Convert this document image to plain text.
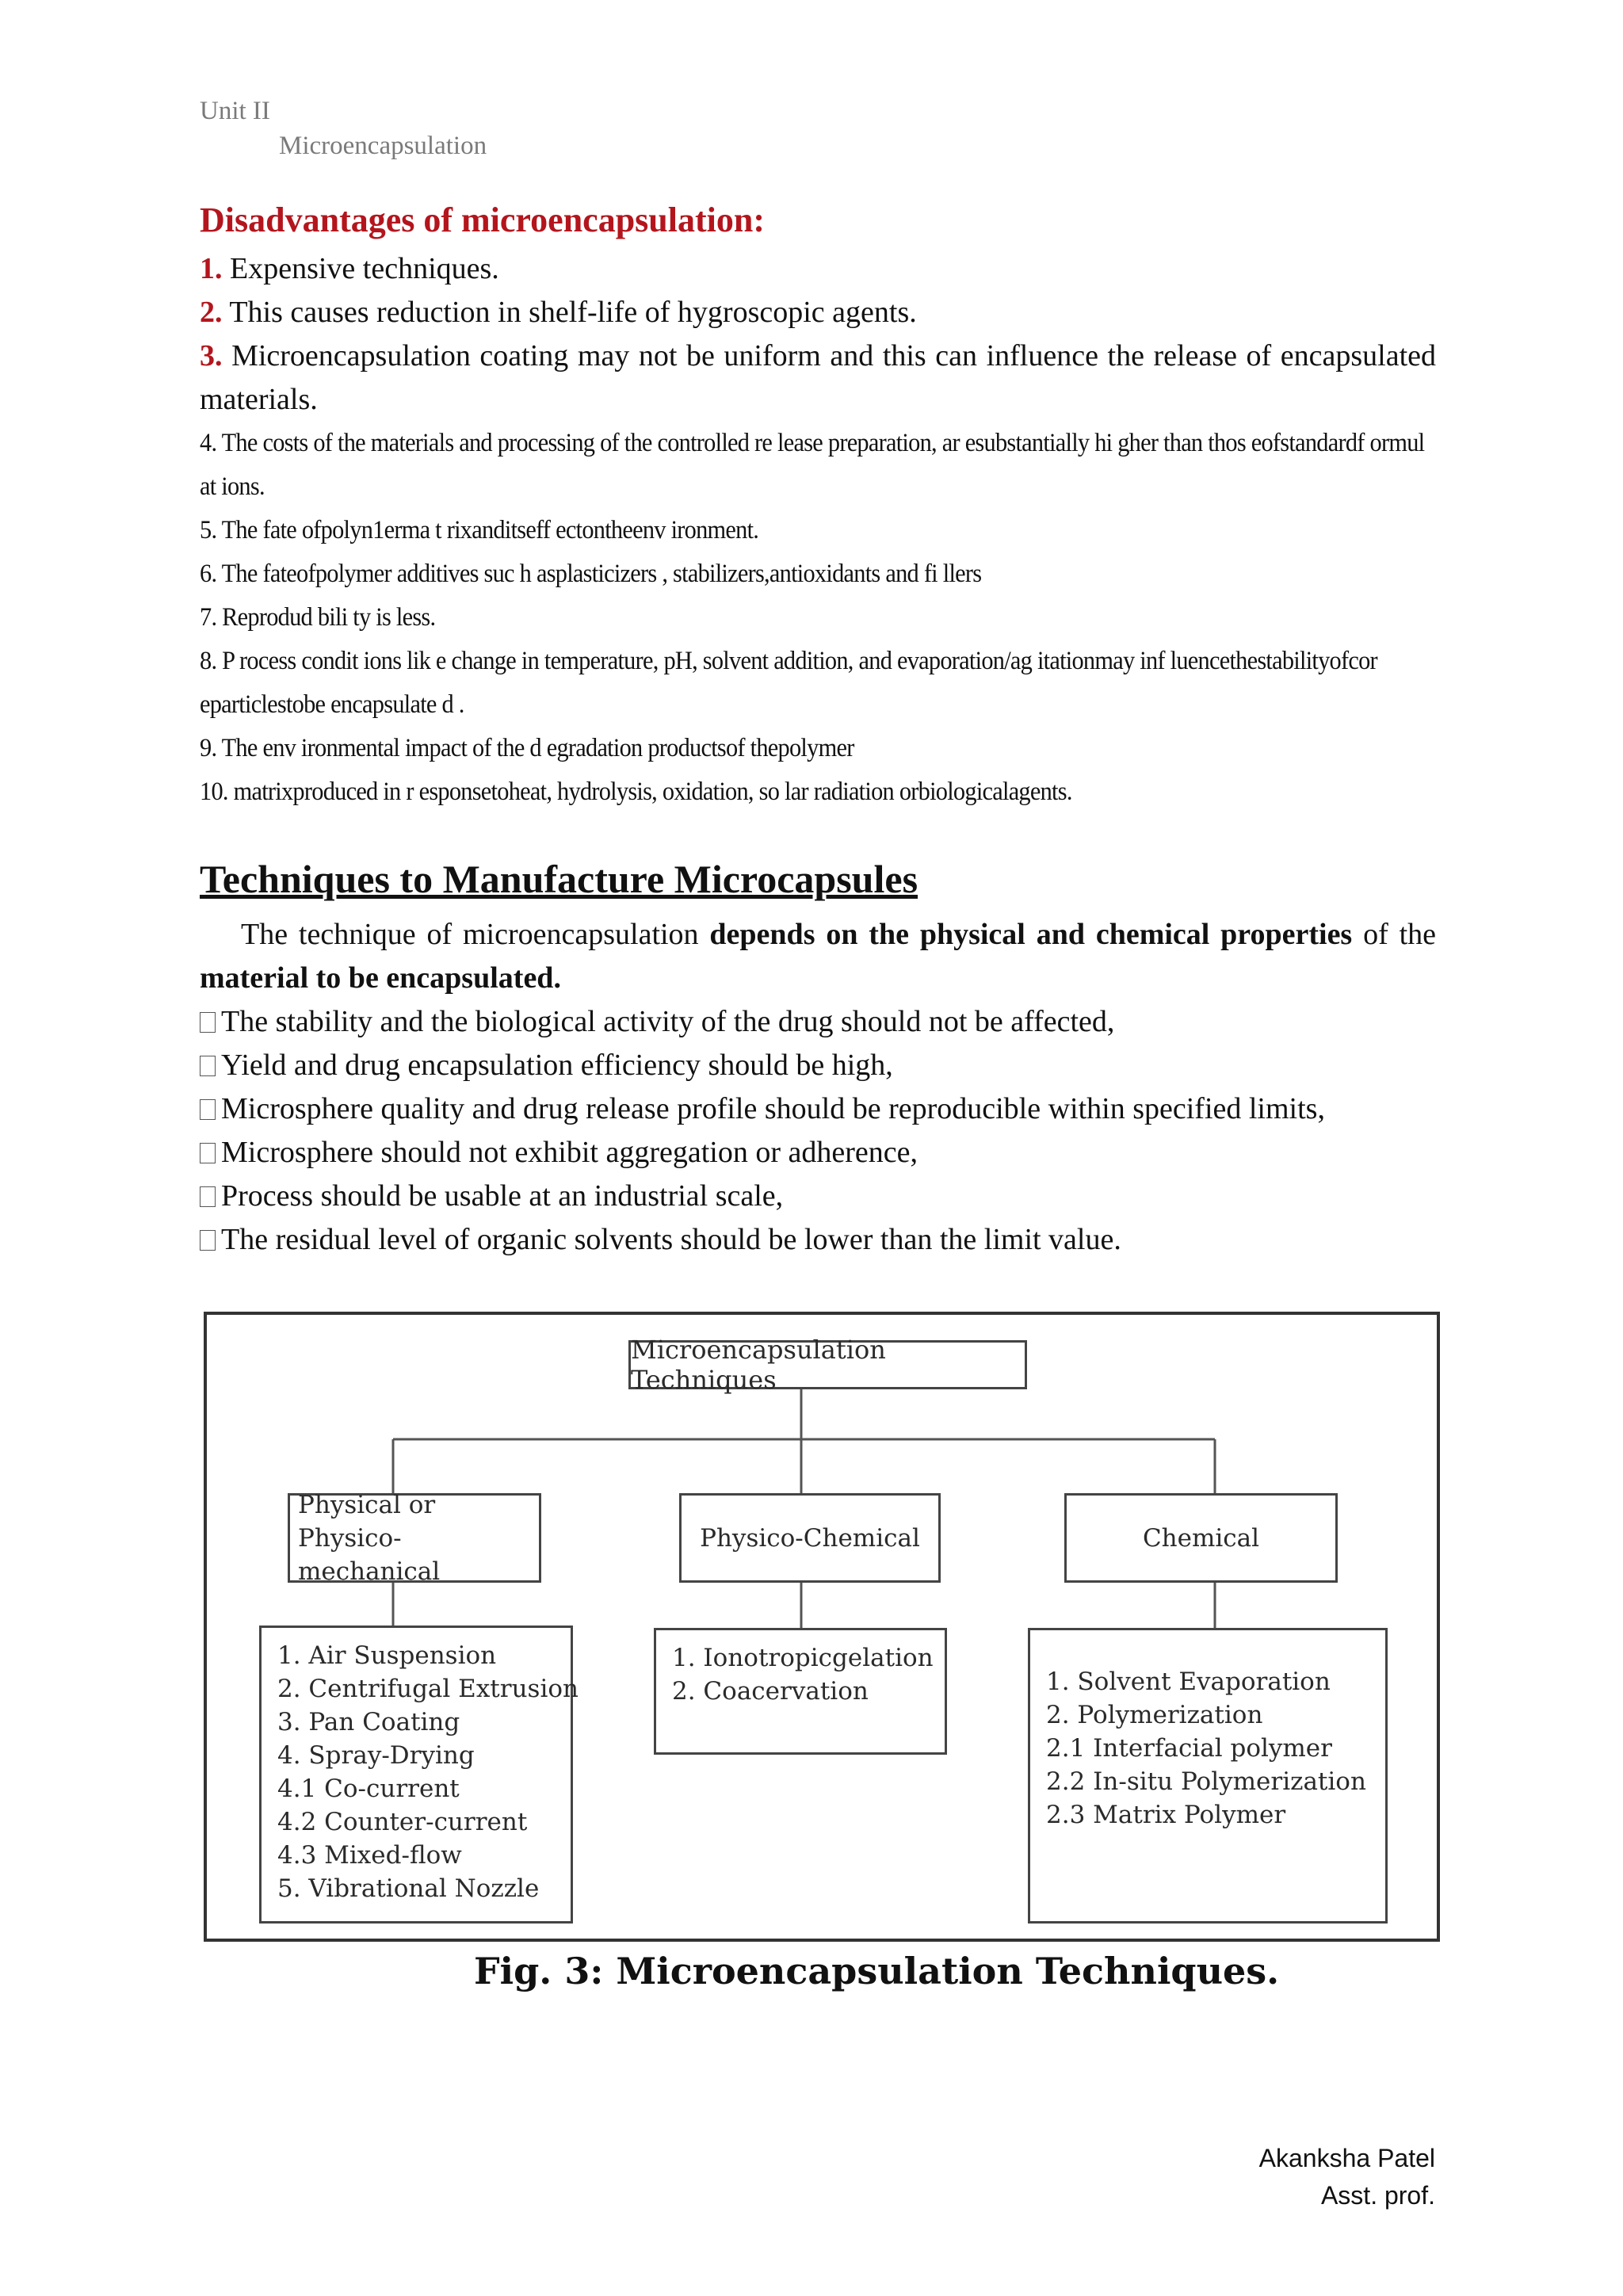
Unit II
Microencapsulation
Disadvantages of microencapsulation:
1. Expensive techniques.
2. This causes reduction in shelf-life of hygroscopic agents.
3. Microencapsulation coating may not be uniform and this can influence the release of encapsulated materials.
4. The costs of the materials and processing of the controlled re lease preparation, ar esubstantially hi gher than thos eofstandardf ormul at ions.
5. The fate ofpolyn1erma t rixanditseff ectontheenv ironment.
6. The fateofpolymer additives suc h asplasticizers , stabilizers,antioxidants and fi llers
7. Reprodud bili ty is less.
8. P rocess condit ions lik e change in temperature, pH, solvent addition, and evaporation/ag itationmay inf luencethestabilityofcor eparticlestobe encapsulate d .
9. The env ironmental impact of the d egradation productsof thepolymer
10. matrixproduced in r esponsetoheat, hydrolysis, oxidation, so lar radiation orbiologicalagents.
Techniques to Manufacture Microcapsules

The technique of microencapsulation depends on the physical and chemical properties of the material to be encapsulated.

The stability and the biological activity of the drug should not be affected,
Yield and drug encapsulation efficiency should be high,
Microsphere quality and drug release profile should be reproducible within specified limits,
Microsphere should not exhibit aggregation or adherence,
Process should be usable at an industrial scale,
The residual level of organic solvents should be lower than the limit value.
Microencapsulation Techniques
Physical or
Physico-mechanical
Physico-Chemical	Chemical
1. Air Suspension
2. Centrifugal Extrusion
3. Pan Coating
4. Spray-Drying
4.1 Co-current
4.2 Counter-current
4.3 Mixed-flow
5. Vibrational Nozzle
1. Ionotropicgelation
2. Coacervation	1. Solvent Evaporation
2. Polymerization
2.1 Interfacial polymer
2.2 In-situ Polymerization
2.3 Matrix Polymer

Fig. 3: Microencapsulation Techniques.

Akanksha Patel
Asst. prof.
